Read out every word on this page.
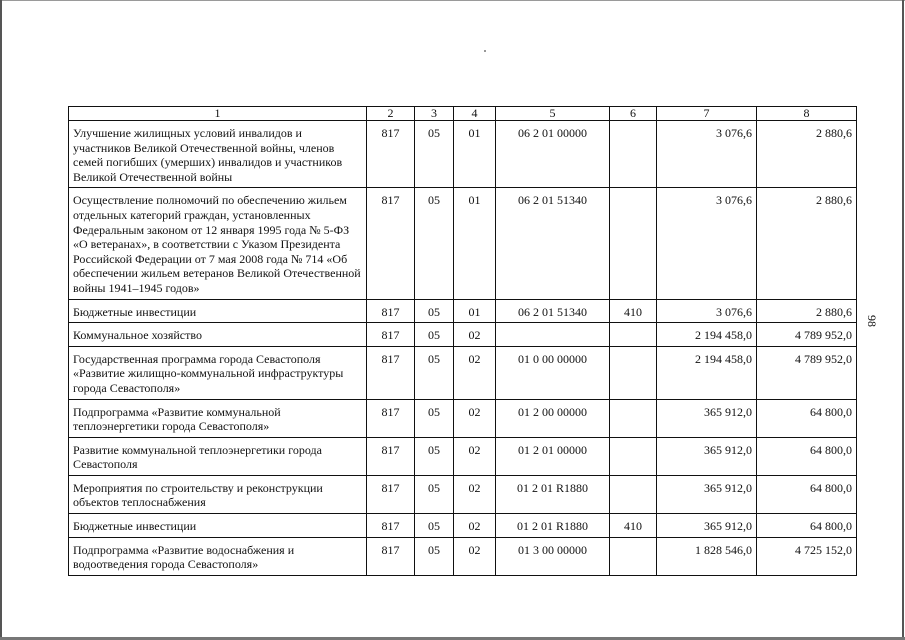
1	2	3	4	5	6	7	8
Улучшение жилищных условий инвалидов и участников Великой Отечественной войны, членов семей погибших (умерших) инвалидов и участников Великой Отечественной войны	817	05	01	06 2 01 00000		3 076,6	2 880,6
Осуществление полномочий по обеспечению жильем отдельных категорий граждан, установленных Федеральным законом от 12 января 1995 года № 5-ФЗ «О ветеранах», в соответствии с Указом Президента Российской Федерации от 7 мая 2008 года № 714 «Об обеспечении жильем ветеранов Великой Отечественной войны 1941–1945 годов»	817	05	01	06 2 01 51340		3 076,6	2 880,6
Бюджетные инвестиции	817	05	01	06 2 01 51340	410	3 076,6	2 880,6
Коммунальное хозяйство	817	05	02			2 194 458,0	4 789 952,0
Государственная программа города Севастополя «Развитие жилищно-коммунальной инфраструктуры города Севастополя»	817	05	02	01 0 00 00000		2 194 458,0	4 789 952,0
Подпрограмма «Развитие коммунальной теплоэнергетики города Севастополя»	817	05	02	01 2 00 00000		365 912,0	64 800,0
Развитие коммунальной теплоэнергетики города Севастополя	817	05	02	01 2 01 00000		365 912,0	64 800,0
Мероприятия по строительству и реконструкции объектов теплоснабжения	817	05	02	01 2 01 R1880		365 912,0	64 800,0
Бюджетные инвестиции	817	05	02	01 2 01 R1880	410	365 912,0	64 800,0
Подпрограмма «Развитие водоснабжения и водоотведения города Севастополя»	817	05	02	01 3 00 00000		1 828 546,0	4 725 152,0
98
